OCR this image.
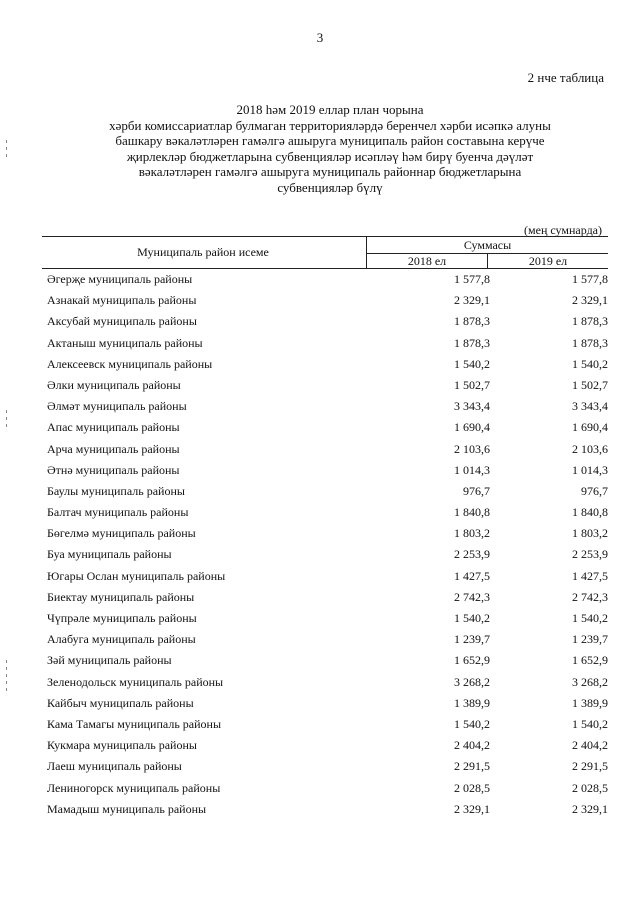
3
2 нче таблица
2018 һәм 2019 еллар план чорына
хәрби комиссариатлар булмаган территорияләрдә беренчел хәрби исәпкә алуны
башкару вәкаләтләрен гамәлгә ашыруга муниципаль район составына керүче
җирлекләр бюджетларына субвенцияләр исәпләү һәм бирү буенча дәүләт
вәкаләтләрен гамәлгә ашыруга муниципаль районнар бюджетларына
субвенцияләр бүлү
(мең сумнарда)
Муниципаль район исеме	Суммасы
2018 ел	2019 ел
Әгерҗе муниципаль районы	1 577,8	1 577,8
Азнакай муниципаль районы	2 329,1	2 329,1
Аксубай муниципаль районы	1 878,3	1 878,3
Актаныш муниципаль районы	1 878,3	1 878,3
Алексеевск муниципаль районы	1 540,2	1 540,2
Әлки муниципаль районы	1 502,7	1 502,7
Әлмәт муниципаль районы	3 343,4	3 343,4
Апас муниципаль районы	1 690,4	1 690,4
Арча муниципаль районы	2 103,6	2 103,6
Әтнә муниципаль районы	1 014,3	1 014,3
Баулы муниципаль районы	976,7	976,7
Балтач муниципаль районы	1 840,8	1 840,8
Бөгелмә муниципаль районы	1 803,2	1 803,2
Буа муниципаль районы	2 253,9	2 253,9
Югары Ослан муниципаль районы	1 427,5	1 427,5
Биектау муниципаль районы	2 742,3	2 742,3
Чүпрәле муниципаль районы	1 540,2	1 540,2
Алабуга муниципаль районы	1 239,7	1 239,7
Зәй муниципаль районы	1 652,9	1 652,9
Зеленодольск муниципаль районы	3 268,2	3 268,2
Кайбыч муниципаль районы	1 389,9	1 389,9
Кама Тамагы муниципаль районы	1 540,2	1 540,2
Кукмара муниципаль районы	2 404,2	2 404,2
Лаеш муниципаль районы	2 291,5	2 291,5
Лениногорск муниципаль районы	2 028,5	2 028,5
Мамадыш муниципаль районы	2 329,1	2 329,1
